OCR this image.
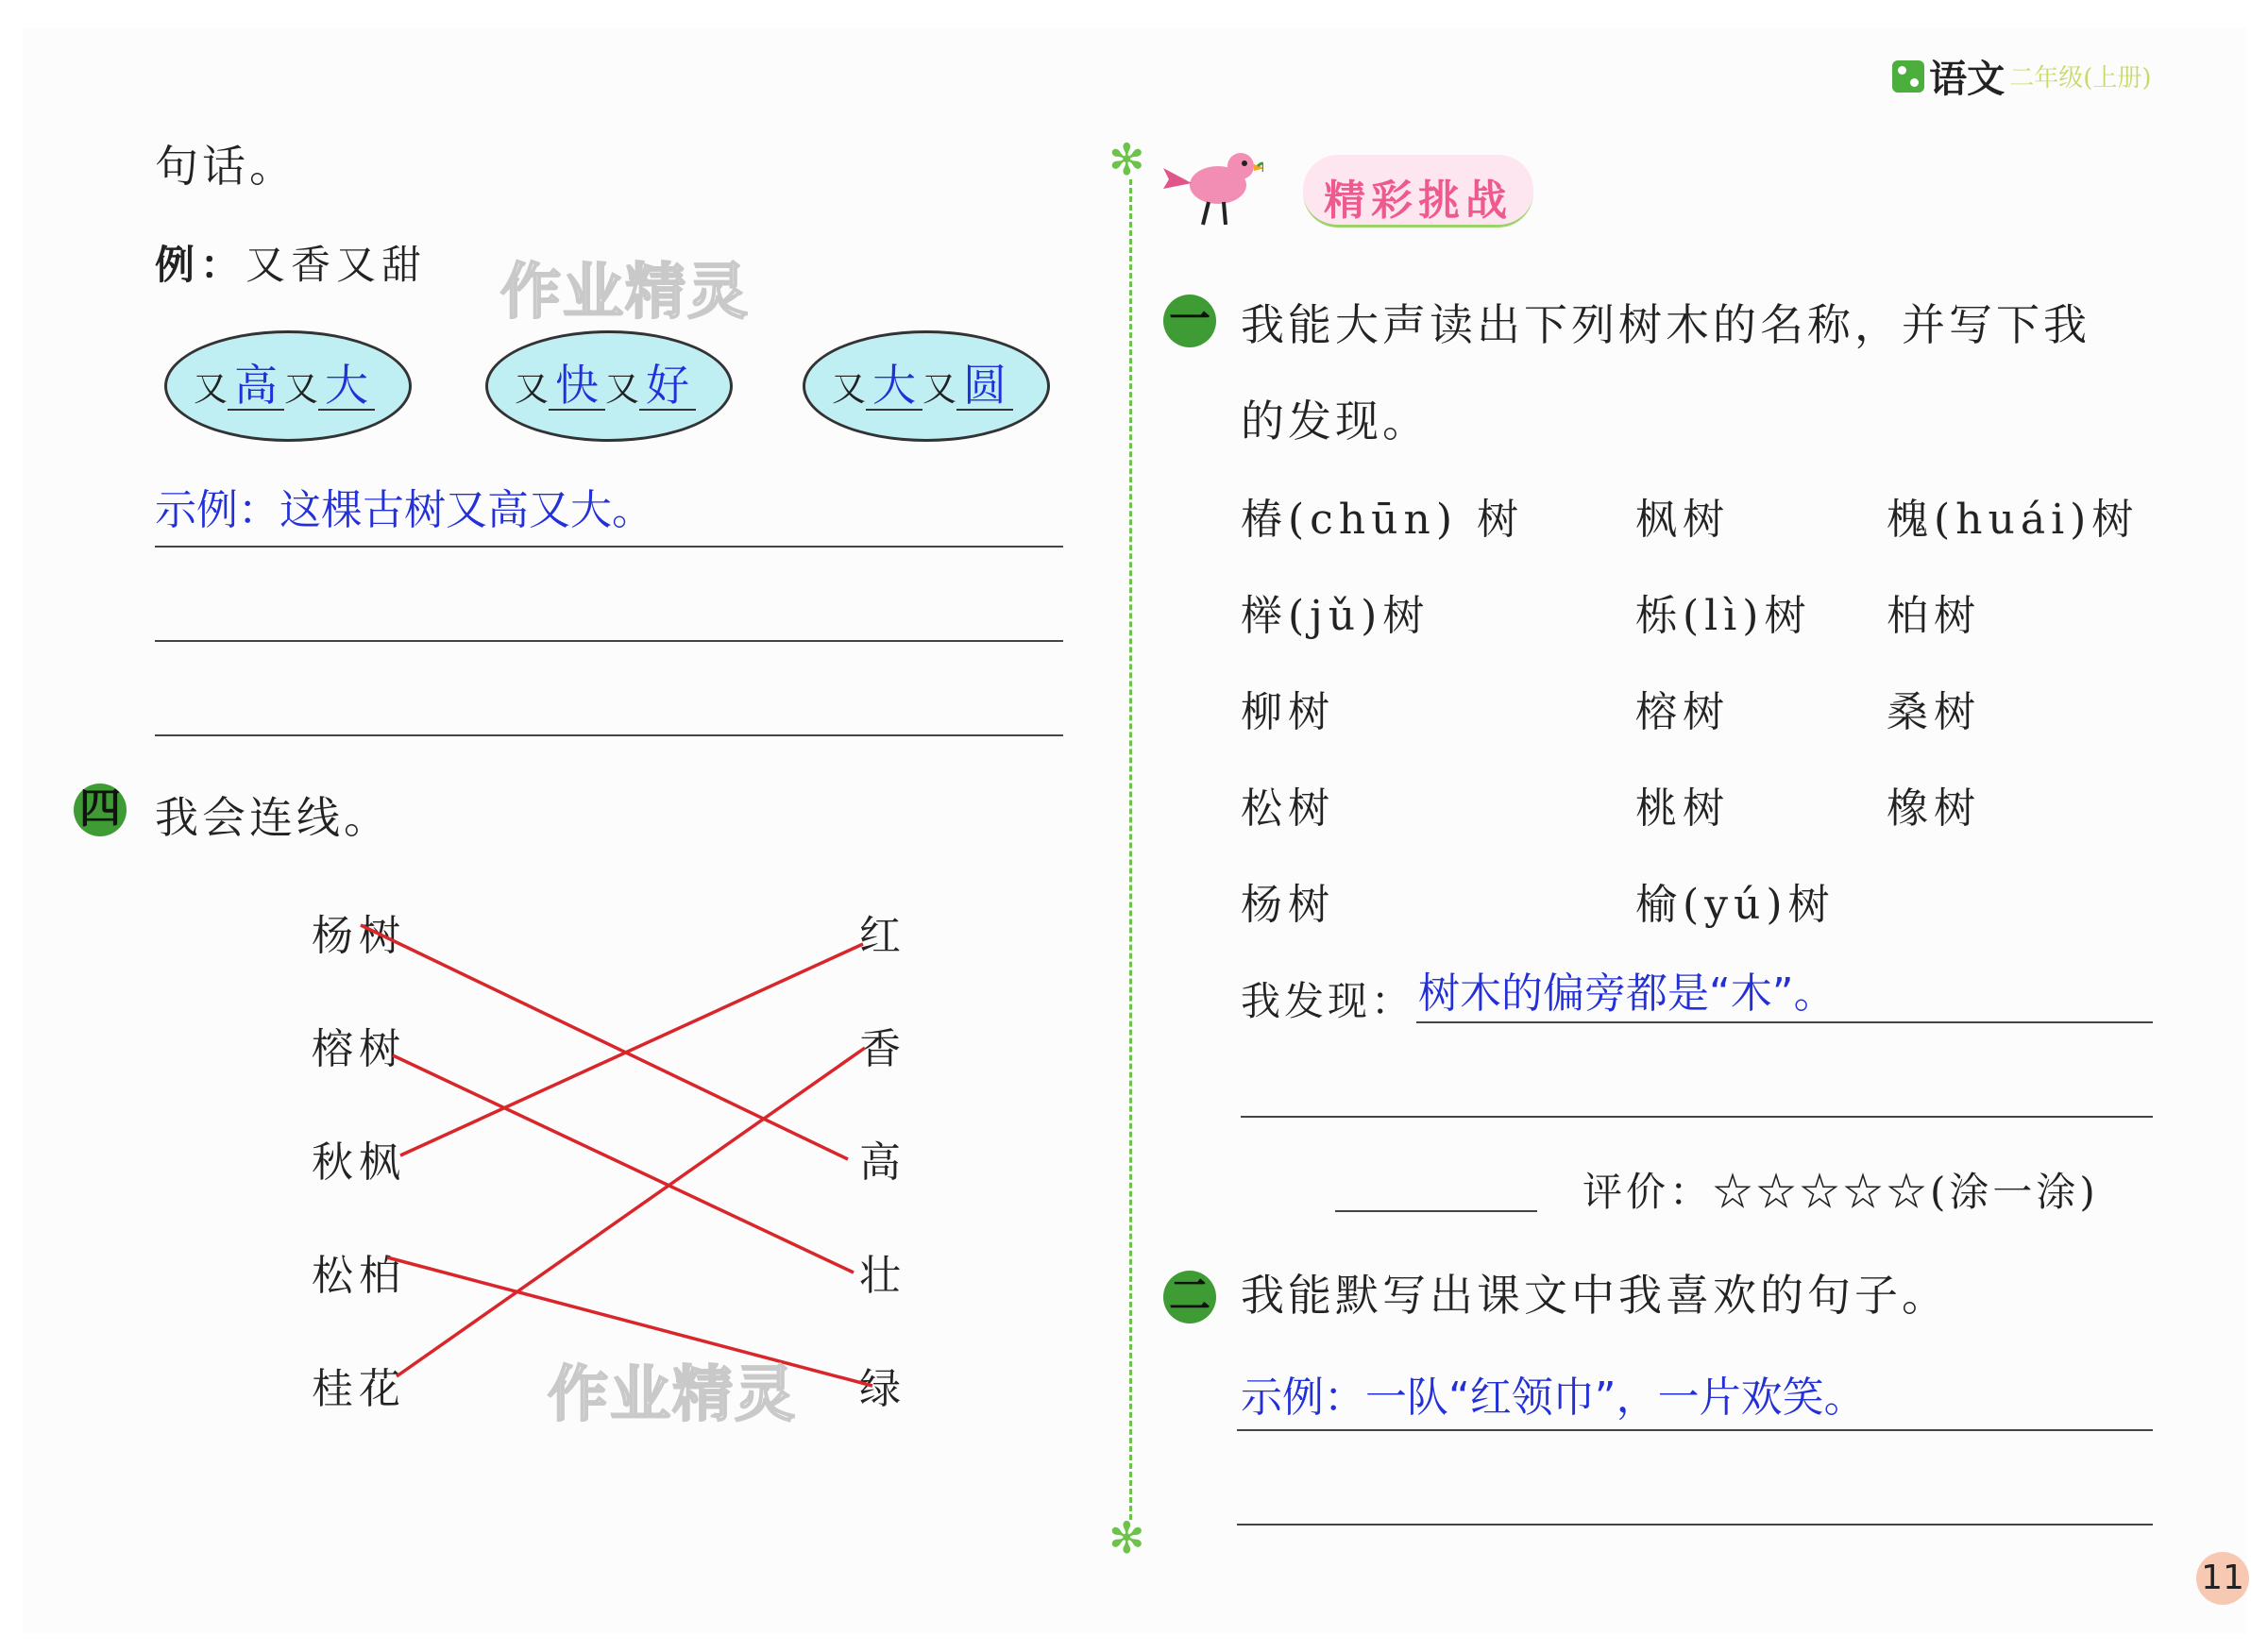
语文 二年级(上册)
句话。
例：又香又甜 作业精灵
又 高 又 大	又 快 又 好	又 大 又 圆
示例：这棵古树又高又大。
四 我会连线。
杨树
榕树
秋枫
松柏
桂花
红
香
高
壮
绿
作业精灵
✻
✻
精彩挑战
一 我能大声读出下列树木的名称，并写下我
的发现。
椿(chūn) 树	枫树	槐(huái)树
榉(jǔ)树	栎(lì)树 柏树
柳树	榕树	桑树
松树	桃树	橡树
杨树	榆(yú)树
我发现： 树木的偏旁都是“木”。
评价：☆☆☆☆☆(涂一涂)
二 我能默写出课文中我喜欢的句子。
示例：一队“红领巾”，一片欢笑。
11
